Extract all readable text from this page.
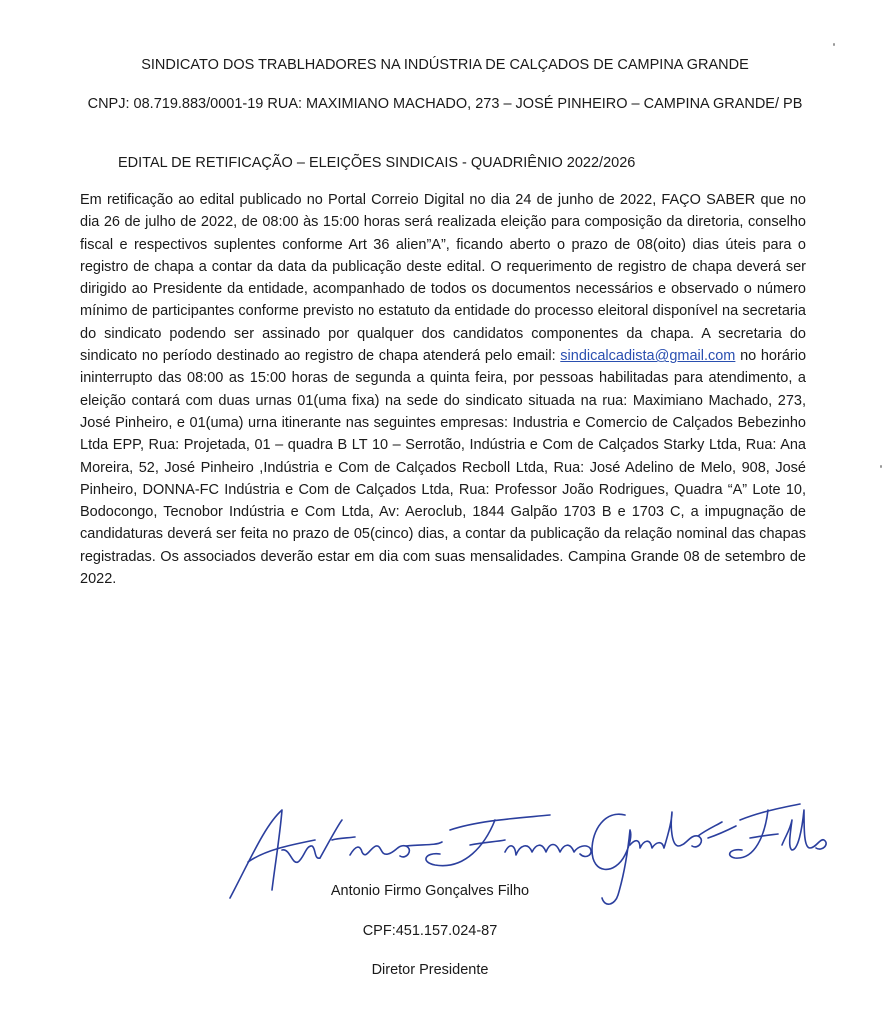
SINDICATO DOS TRABLHADORES NA INDÚSTRIA DE CALÇADOS DE CAMPINA GRANDE

CNPJ: 08.719.883/0001-19 RUA: MAXIMIANO MACHADO, 273 – JOSÉ PINHEIRO – CAMPINA GRANDE/ PB

EDITAL DE RETIFICAÇÃO – ELEIÇÕES SINDICAIS - QUADRIÊNIO 2022/2026

Em retificação ao edital publicado no Portal Correio Digital no dia 24 de junho de 2022, FAÇO SABER que no dia 26 de julho de 2022, de 08:00 às 15:00 horas será realizada eleição para composição da diretoria, conselho fiscal e respectivos suplentes conforme Art 36 alien”A”, ficando aberto o prazo de 08(oito) dias úteis para o registro de chapa a contar da data da publicação deste edital. O requerimento de registro de chapa deverá ser dirigido ao Presidente da entidade, acompanhado de todos os documentos necessários e observado o número mínimo de participantes conforme previsto no estatuto da entidade do processo eleitoral disponível na secretaria do sindicato podendo ser assinado por qualquer dos candidatos componentes da chapa. A secretaria do sindicato no período destinado ao registro de chapa atenderá pelo email: sindicalcadista@gmail.com no horário ininterrupto das 08:00 as 15:00 horas de segunda a quinta feira, por pessoas habilitadas para atendimento, a eleição contará com duas urnas 01(uma fixa) na sede do sindicato situada na rua: Maximiano Machado, 273, José Pinheiro, e 01(uma) urna itinerante nas seguintes empresas: Industria e Comercio de Calçados Bebezinho Ltda EPP, Rua: Projetada, 01 – quadra B LT 10 – Serrotão, Indústria e Com de Calçados Starky Ltda, Rua: Ana Moreira, 52, José Pinheiro ,Indústria e Com de Calçados Recboll Ltda, Rua: José Adelino de Melo, 908, José Pinheiro, DONNA-FC Indústria e Com de Calçados Ltda, Rua: Professor João Rodrigues, Quadra “A” Lote 10, Bodocongo, Tecnobor Indústria e Com Ltda, Av: Aeroclub, 1844 Galpão 1703 B e 1703 C, a impugnação de candidaturas deverá ser feita no prazo de 05(cinco) dias, a contar da publicação da relação nominal das chapas registradas. Os associados deverão estar em dia com suas mensalidades. Campina Grande 08 de setembro de 2022.

Antonio Firmo Gonçalves Filho
CPF:451.157.024-87
Diretor Presidente
